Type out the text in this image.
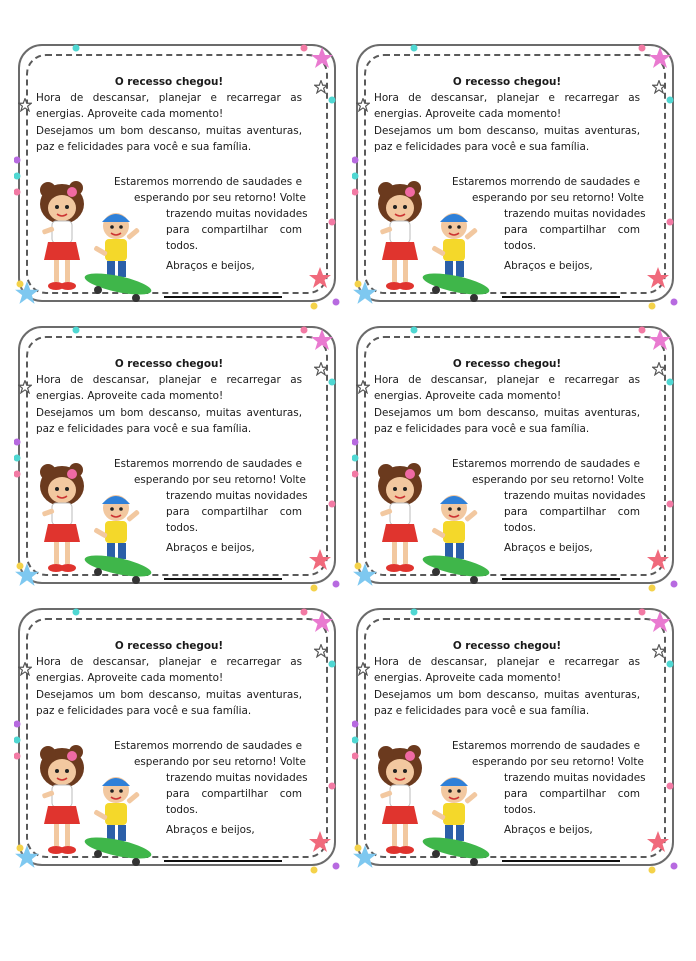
O recesso chegou!
Hora de descansar, planejar e recarregar as
energias. Aproveite cada momento!
Desejamos um bom descanso, muitas aventuras,
paz e felicidades para você e sua família.
Estaremos morrendo de saudades e
esperando por seu retorno! Volte
trazendo muitas novidades
para compartilhar com
todos.
Abraços e beijos,
O recesso chegou!
Hora de descansar, planejar e recarregar as
energias. Aproveite cada momento!
Desejamos um bom descanso, muitas aventuras,
paz e felicidades para você e sua família.
Estaremos morrendo de saudades e
esperando por seu retorno! Volte
trazendo muitas novidades
para compartilhar com
todos.
Abraços e beijos,
O recesso chegou!
Hora de descansar, planejar e recarregar as
energias. Aproveite cada momento!
Desejamos um bom descanso, muitas aventuras,
paz e felicidades para você e sua família.
Estaremos morrendo de saudades e
esperando por seu retorno! Volte
trazendo muitas novidades
para compartilhar com
todos.
Abraços e beijos,
O recesso chegou!
Hora de descansar, planejar e recarregar as
energias. Aproveite cada momento!
Desejamos um bom descanso, muitas aventuras,
paz e felicidades para você e sua família.
Estaremos morrendo de saudades e
esperando por seu retorno! Volte
trazendo muitas novidades
para compartilhar com
todos.
Abraços e beijos,
O recesso chegou!
Hora de descansar, planejar e recarregar as
energias. Aproveite cada momento!
Desejamos um bom descanso, muitas aventuras,
paz e felicidades para você e sua família.
Estaremos morrendo de saudades e
esperando por seu retorno! Volte
trazendo muitas novidades
para compartilhar com
todos.
Abraços e beijos,
O recesso chegou!
Hora de descansar, planejar e recarregar as
energias. Aproveite cada momento!
Desejamos um bom descanso, muitas aventuras,
paz e felicidades para você e sua família.
Estaremos morrendo de saudades e
esperando por seu retorno! Volte
trazendo muitas novidades
para compartilhar com
todos.
Abraços e beijos,
